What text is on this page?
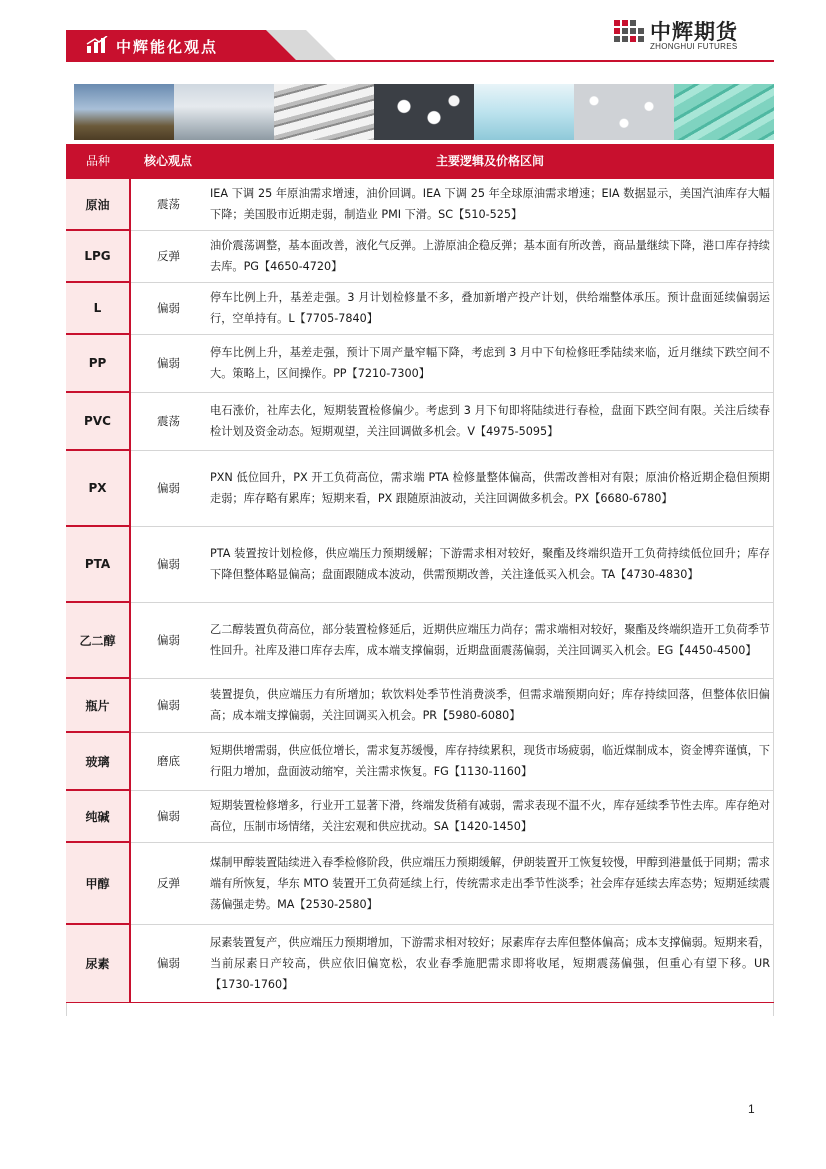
中辉能化观点
中辉期货
ZHONGHUI FUTURES
品种	核心观点	主要逻辑及价格区间
原油	震荡	IEA 下调 25 年原油需求增速，油价回调。IEA 下调 25 年全球原油需求增速；EIA 数据显示，美国汽油库存大幅下降；美国股市近期走弱，制造业 PMI 下滑。SC【510-525】
LPG	反弹	油价震荡调整，基本面改善，液化气反弹。上游原油企稳反弹；基本面有所改善，商品量继续下降，港口库存持续去库。PG【4650-4720】
L	偏弱	停车比例上升，基差走强。3 月计划检修量不多，叠加新增产投产计划，供给端整体承压。预计盘面延续偏弱运行，空单持有。L【7705-7840】
PP	偏弱	停车比例上升，基差走强，预计下周产量窄幅下降，考虑到 3 月中下旬检修旺季陆续来临，近月继续下跌空间不大。策略上，区间操作。PP【7210-7300】
PVC	震荡	电石涨价，社库去化，短期装置检修偏少。考虑到 3 月下旬即将陆续进行春检，盘面下跌空间有限。关注后续春检计划及资金动态。短期观望，关注回调做多机会。V【4975-5095】
PX	偏弱	PXN 低位回升，PX 开工负荷高位，需求端 PTA 检修量整体偏高，供需改善相对有限；原油价格近期企稳但预期走弱；库存略有累库；短期来看，PX 跟随原油波动，关注回调做多机会。PX【6680-6780】
PTA	偏弱	PTA 装置按计划检修，供应端压力预期缓解；下游需求相对较好，聚酯及终端织造开工负荷持续低位回升；库存下降但整体略显偏高；盘面跟随成本波动，供需预期改善，关注逢低买入机会。TA【4730-4830】
乙二醇	偏弱	乙二醇装置负荷高位，部分装置检修延后，近期供应端压力尚存；需求端相对较好，聚酯及终端织造开工负荷季节性回升。社库及港口库存去库，成本端支撑偏弱，近期盘面震荡偏弱，关注回调买入机会。EG【4450-4500】
瓶片	偏弱	装置提负，供应端压力有所增加；软饮料处季节性消费淡季，但需求端预期向好；库存持续回落，但整体依旧偏高；成本端支撑偏弱，关注回调买入机会。PR【5980-6080】
玻璃	磨底	短期供增需弱，供应低位增长，需求复苏缓慢，库存持续累积，现货市场疲弱，临近煤制成本，资金博弈谨慎，下行阻力增加，盘面波动缩窄，关注需求恢复。FG【1130-1160】
纯碱	偏弱	短期装置检修增多，行业开工显著下滑，终端发货稍有减弱，需求表现不温不火，库存延续季节性去库。库存绝对高位，压制市场情绪，关注宏观和供应扰动。SA【1420-1450】
甲醇	反弹	煤制甲醇装置陆续进入春季检修阶段，供应端压力预期缓解，伊朗装置开工恢复较慢，甲醇到港量低于同期；需求端有所恢复，华东 MTO 装置开工负荷延续上行，传统需求走出季节性淡季；社会库存延续去库态势；短期延续震荡偏强走势。MA【2530-2580】
尿素	偏弱	尿素装置复产，供应端压力预期增加，下游需求相对较好；尿素库存去库但整体偏高；成本支撑偏弱。短期来看，当前尿素日产较高，供应依旧偏宽松，农业春季施肥需求即将收尾，短期震荡偏强，但重心有望下移。UR【1730-1760】
1
